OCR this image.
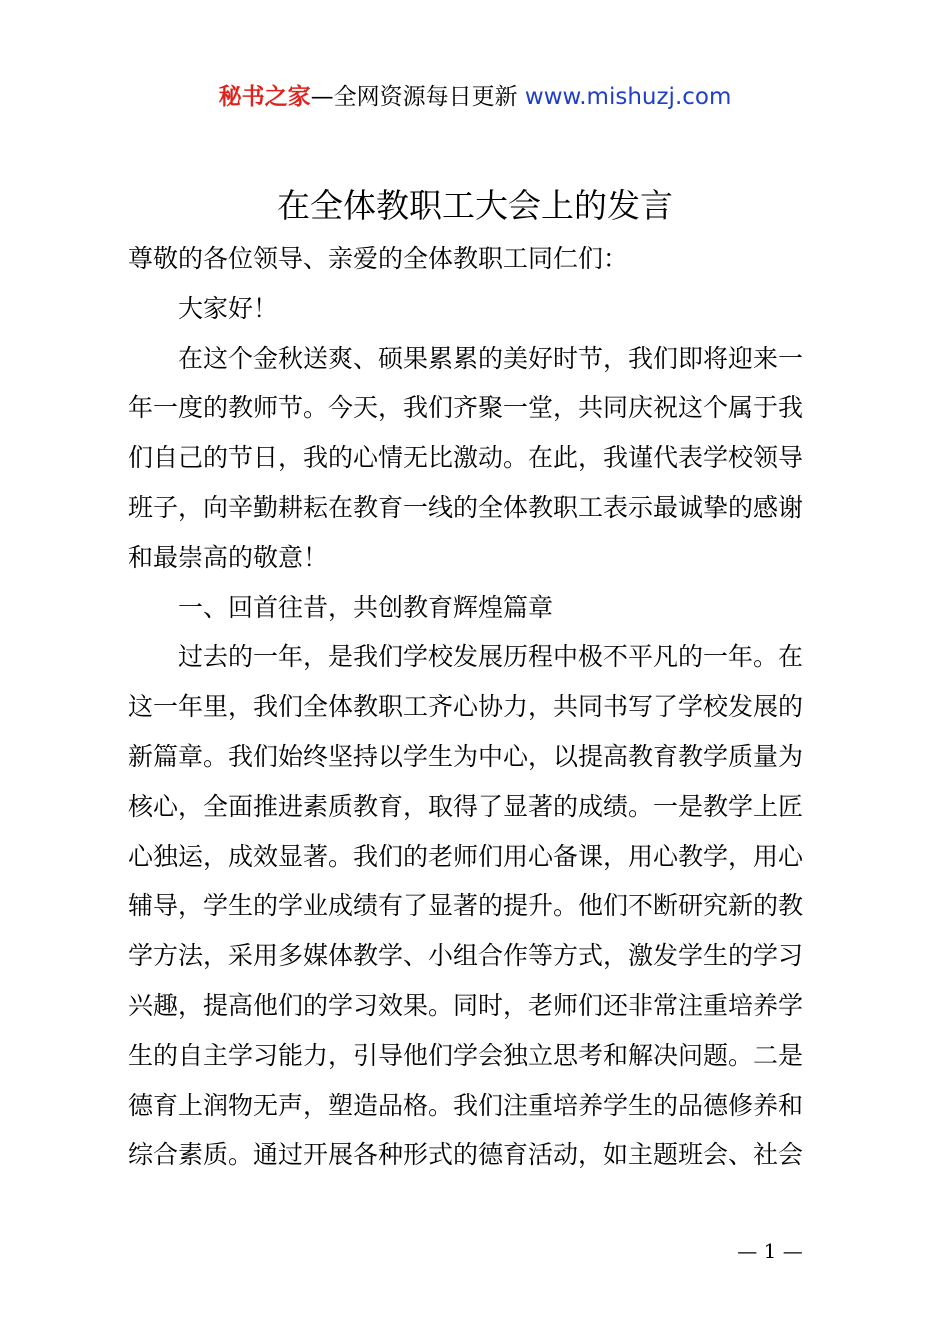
秘书之家—全网资源每日更新 www.mishuzj.com
在全体教职工大会上的发言
尊敬的各位领导、亲爱的全体教职工同仁们：
大家好！
在这个金秋送爽、硕果累累的美好时节，我们即将迎来一
年一度的教师节。今天，我们齐聚一堂，共同庆祝这个属于我
们自己的节日，我的心情无比激动。在此，我谨代表学校领导
班子，向辛勤耕耘在教育一线的全体教职工表示最诚挚的感谢
和最崇高的敬意！
一、回首往昔，共创教育辉煌篇章
过去的一年，是我们学校发展历程中极不平凡的一年。在
这一年里，我们全体教职工齐心协力，共同书写了学校发展的
新篇章。我们始终坚持以学生为中心，以提高教育教学质量为
核心，全面推进素质教育，取得了显著的成绩。一是教学上匠
心独运，成效显著。我们的老师们用心备课，用心教学，用心
辅导，学生的学业成绩有了显著的提升。他们不断研究新的教
学方法，采用多媒体教学、小组合作等方式，激发学生的学习
兴趣，提高他们的学习效果。同时，老师们还非常注重培养学
生的自主学习能力，引导他们学会独立思考和解决问题。二是
德育上润物无声，塑造品格。我们注重培养学生的品德修养和
综合素质。通过开展各种形式的德育活动，如主题班会、社会
— 1 —
